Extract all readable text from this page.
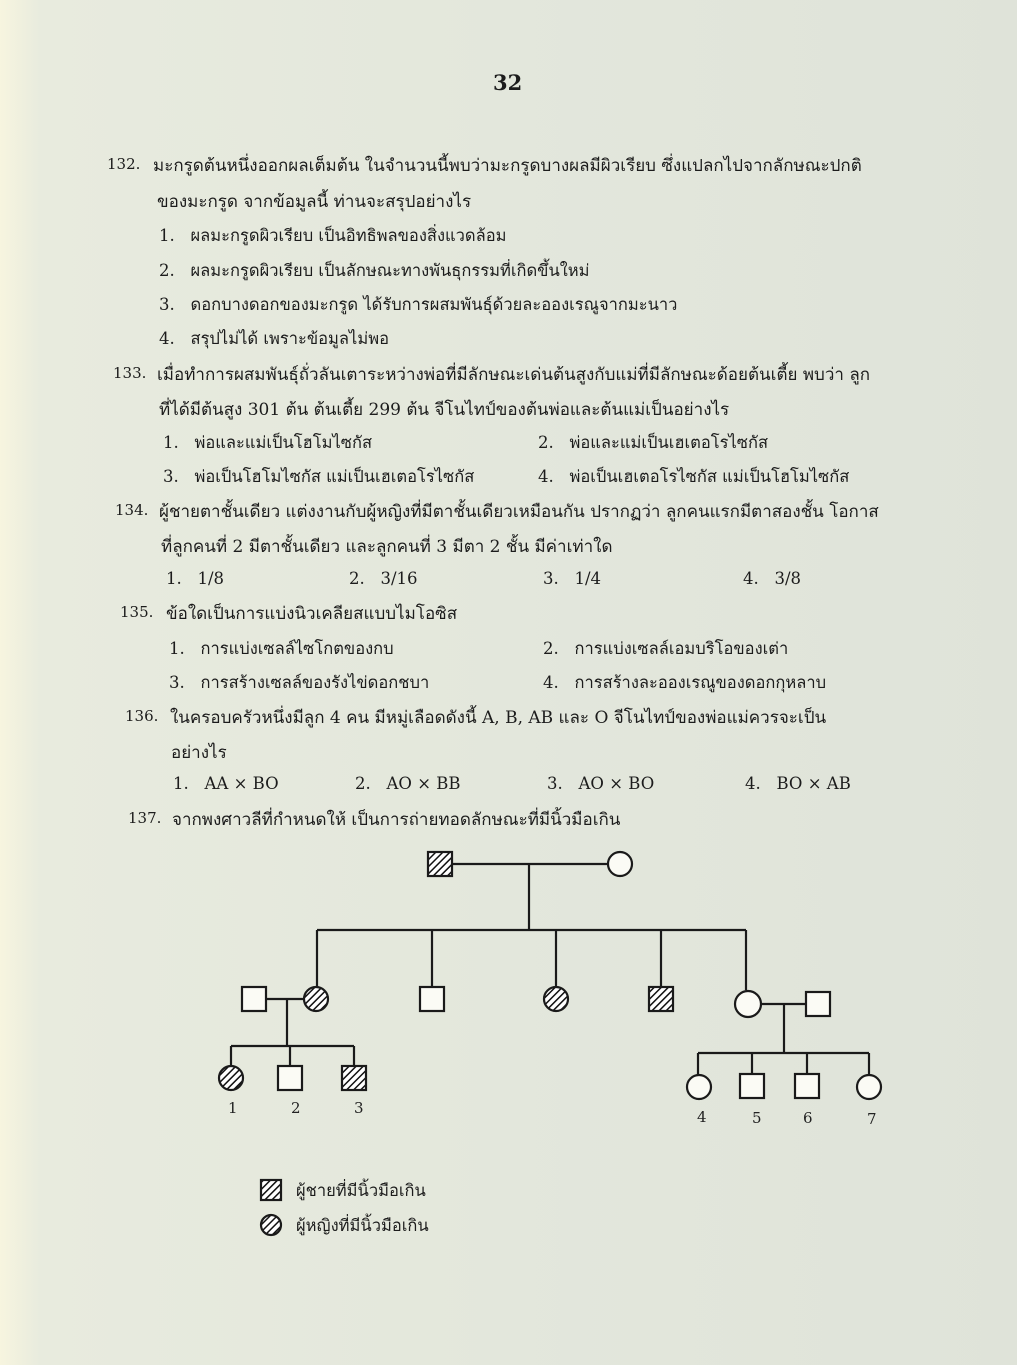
32
132. มะกรูดต้นหนึ่งออกผลเต็มต้น ในจำนวนนี้พบว่ามะกรูดบางผลมีผิวเรียบ ซึ่งแปลกไปจากลักษณะปกติ
ของมะกรูด จากข้อมูลนี้ ท่านจะสรุปอย่างไร
1. ผลมะกรูดผิวเรียบ เป็นอิทธิพลของสิ่งแวดล้อม
2. ผลมะกรูดผิวเรียบ เป็นลักษณะทางพันธุกรรมที่เกิดขึ้นใหม่
3. ดอกบางดอกของมะกรูด ได้รับการผสมพันธุ์ด้วยละอองเรณูจากมะนาว
4. สรุปไม่ได้ เพราะข้อมูลไม่พอ
133. เมื่อทำการผสมพันธุ์ถั่วลันเตาระหว่างพ่อที่มีลักษณะเด่นต้นสูงกับแม่ที่มีลักษณะด้อยต้นเตี้ย พบว่า ลูก
ที่ได้มีต้นสูง 301 ต้น ต้นเตี้ย 299 ต้น จีโนไทป์ของต้นพ่อและต้นแม่เป็นอย่างไร
1. พ่อและแม่เป็นโฮโมไซกัส	2. พ่อและแม่เป็นเฮเตอโรไซกัส
3. พ่อเป็นโฮโมไซกัส แม่เป็นเฮเตอโรไซกัส	4. พ่อเป็นเฮเตอโรไซกัส แม่เป็นโฮโมไซกัส
134. ผู้ชายตาชั้นเดียว แต่งงานกับผู้หญิงที่มีตาชั้นเดียวเหมือนกัน ปรากฏว่า ลูกคนแรกมีตาสองชั้น โอกาส
ที่ลูกคนที่ 2 มีตาชั้นเดียว และลูกคนที่ 3 มีตา 2 ชั้น มีค่าเท่าใด
1. 1/8	2. 3/16	3. 1/4	4. 3/8
135. ข้อใดเป็นการแบ่งนิวเคลียสแบบไมโอซิส
1. การแบ่งเซลล์ไซโกตของกบ	2. การแบ่งเซลล์เอมบริโอของเต่า
3. การสร้างเซลล์ของรังไข่ดอกชบา	4. การสร้างละอองเรณูของดอกกุหลาบ
136. ในครอบครัวหนึ่งมีลูก 4 คน มีหมู่เลือดดังนี้ A, B, AB และ O จีโนไทป์ของพ่อแม่ควรจะเป็น
อย่างไร
1. AA × BO	2. AO × BB	3. AO × BO	4. BO × AB
137. จากพงศาวลีที่กำหนดให้ เป็นการถ่ายทอดลักษณะที่มีนิ้วมือเกิน
1	2	3	4	5	6	7
ผู้ชายที่มีนิ้วมือเกิน
ผู้หญิงที่มีนิ้วมือเกิน
